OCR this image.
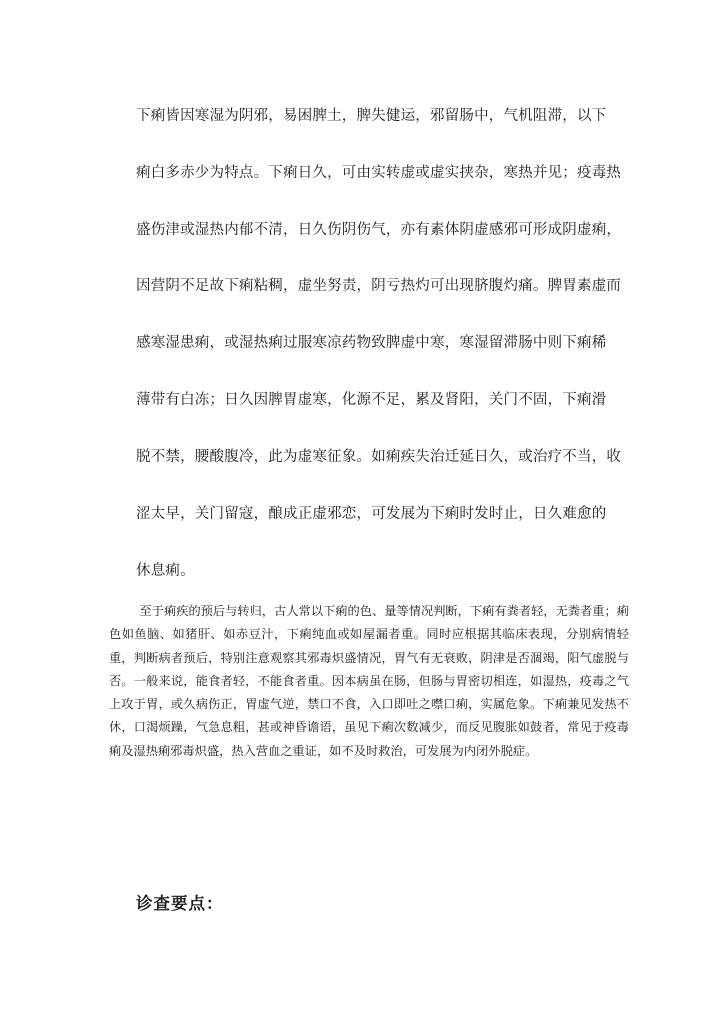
下痢皆因寒湿为阴邪，易困脾土，脾失健运，邪留肠中，气机阻滞，以下
痢白多赤少为特点。下痢日久，可由实转虚或虚实挟杂，寒热并见；疫毒热
盛伤津或湿热内郁不清，日久伤阴伤气，亦有素体阴虚感邪可形成阴虚痢，
因营阴不足故下痢粘稠，虚坐努责，阴亏热灼可出现脐腹灼痛。脾胃素虚而
感寒湿患痢，或湿热痢过服寒凉药物致脾虚中寒，寒湿留滞肠中则下痢稀
薄带有白冻；日久因脾胃虚寒，化源不足，累及肾阳，关门不固，下痢滑
脱不禁，腰酸腹冷，此为虚寒征象。如痢疾失治迁延日久，或治疗不当，收
涩太早，关门留寇，酿成正虚邪恋，可发展为下痢时发时止，日久难愈的
休息痢。

至于痢疾的预后与转归，古人常以下痢的色、量等情况判断，下痢有粪者轻，无粪者重；痢色如鱼脑、如猪肝、如赤豆汁，下痢纯血或如屋漏者重。同时应根据其临床表现，分别病情轻重，判断病者预后，特别注意观察其邪毒炽盛情况，胃气有无衰败，阴津是否涸竭，阳气虚脱与否。一般来说，能食者轻，不能食者重。因本病虽在肠，但肠与胃密切相连，如湿热，疫毒之气上攻于胃，或久病伤正，胃虚气逆，禁口不食，入口即吐之噤口痢，实属危象。下痢兼见发热不休，口渴烦躁，气急息粗，甚或神昏谵语，虽见下痢次数减少，而反见腹胀如鼓者，常见于疫毒痢及湿热痢邪毒炽盛，热入营血之重证，如不及时救治，可发展为内闭外脱症。

诊查要点：
